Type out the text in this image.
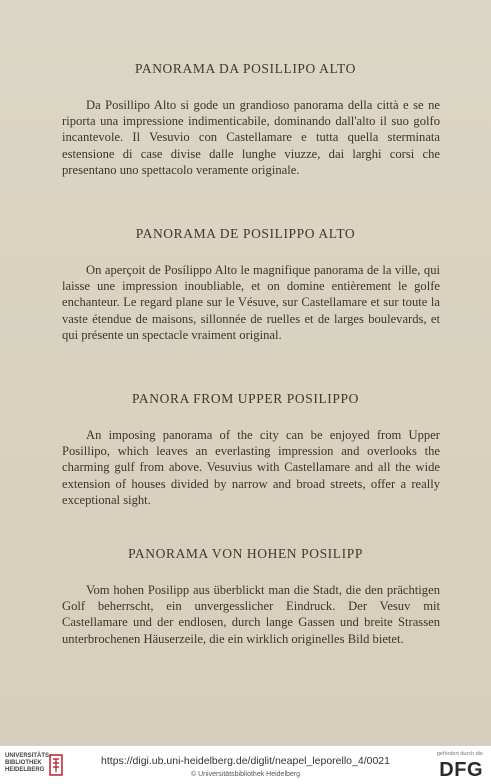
PANORAMA DA POSILLIPO ALTO

Da Posillipo Alto si gode un grandioso panorama della città e se ne riporta una impressione indimenticabile, dominando dall'alto il suo golfo incantevole. Il Vesuvio con Castellamare e tutta quella sterminata estensione di case divise dalle lunghe viuzze, dai larghi corsi che presentano uno spettacolo veramente originale.

PANORAMA DE POSILIPPO ALTO

On aperçoit de Posílippo Alto le magnifique panorama de la ville, qui laisse une impression inoubliable, et on domine entièrement le golfe enchanteur. Le regard plane sur le Vésuve, sur Castellamare et sur toute la vaste étendue de maisons, sillonnée de ruelles et de larges boulevards, et qui présente un spectacle vraiment original.

PANORA FROM UPPER POSILIPPO

An imposing panorama of the city can be enjoyed from Upper Posillipo, which leaves an everlasting impression and overlooks the charming gulf from above. Vesuvius with Castellamare and all the wide extension of houses divided by narrow and broad streets, offer a really exceptional sight.

PANORAMA VON HOHEN POSILIPP

Vom hohen Posilipp aus überblickt man die Stadt, die den prächtigen Golf beherrscht, ein unvergesslicher Eindruck. Der Vesuv mit Castellamare und der endlosen, durch lange Gassen und breite Strassen unterbrochenen Häuserzeile, die ein wirklich originelles Bild bietet.

UNIVERSITÄTS-
BIBLIOTHEK
HEIDELBERG
https://digi.ub.uni-heidelberg.de/diglit/neapel_leporello_4/0021
© Universitätsbibliothek Heidelberg
gefördert durch die
DFG
